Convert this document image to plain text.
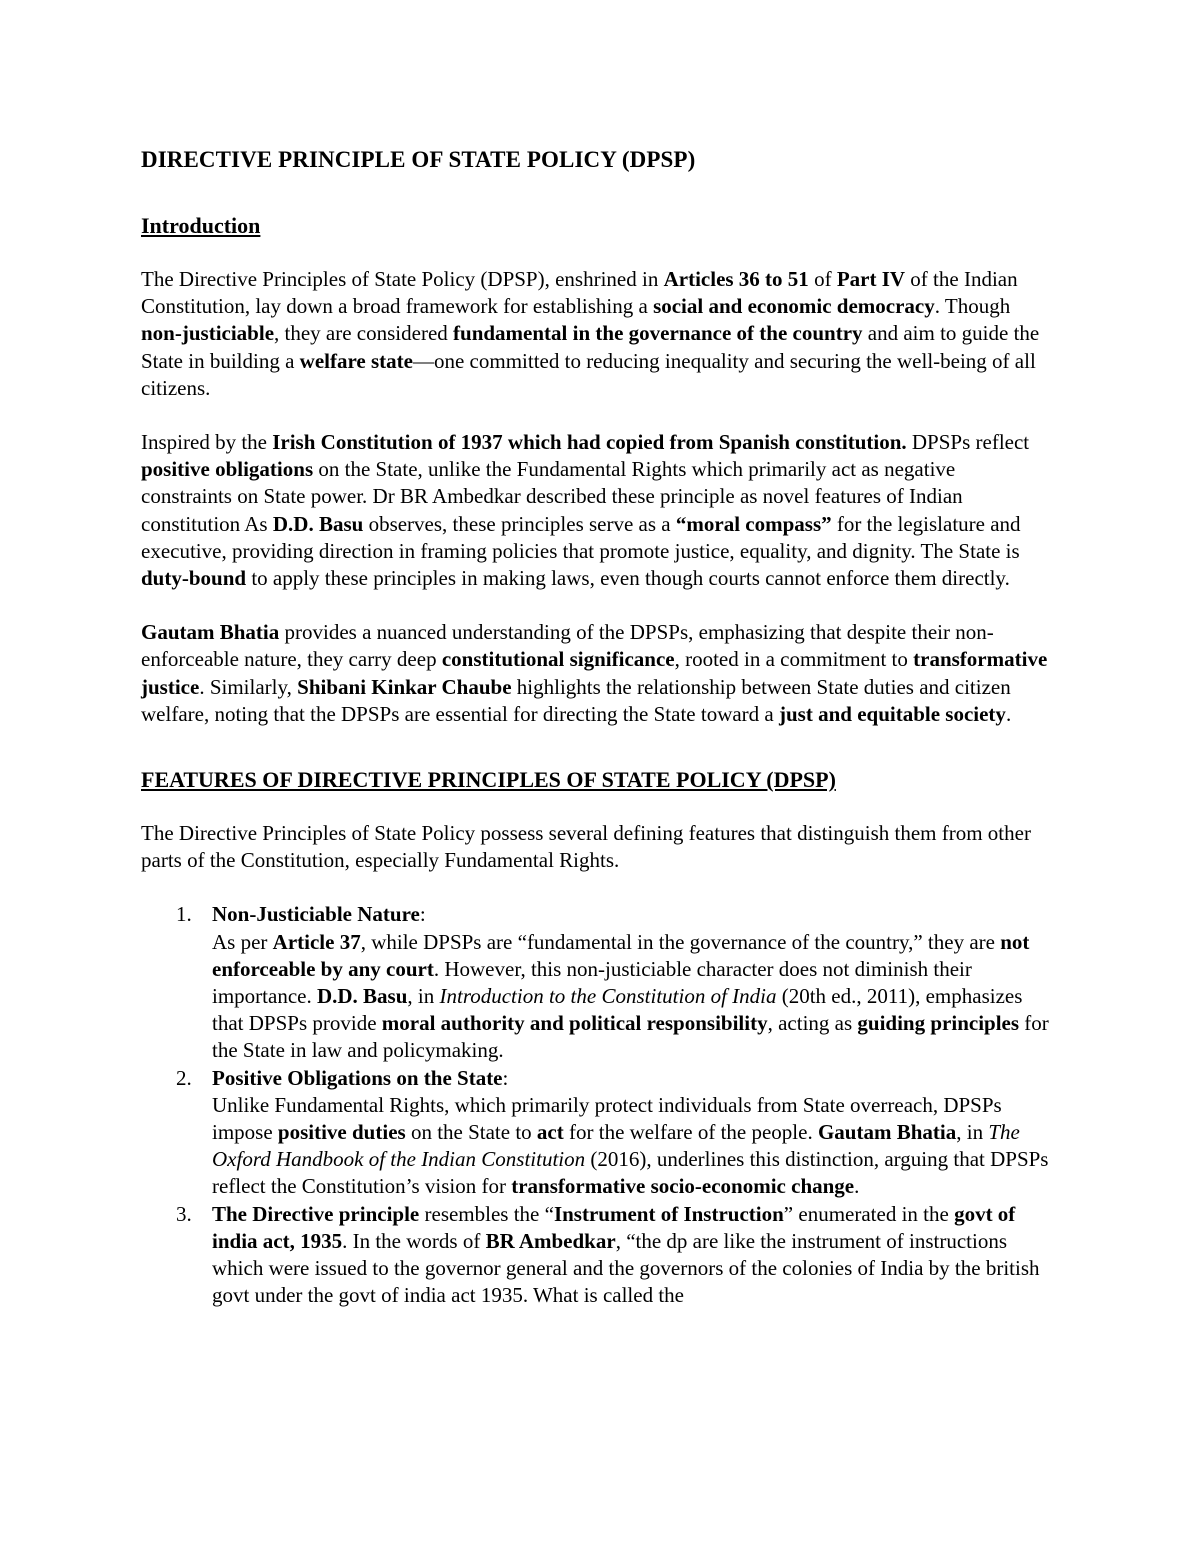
DIRECTIVE PRINCIPLE OF STATE POLICY (DPSP)
Introduction

The Directive Principles of State Policy (DPSP), enshrined in Articles 36 to 51 of Part IV of the Indian Constitution, lay down a broad framework for establishing a social and economic democracy. Though non-justiciable, they are considered fundamental in the governance of the country and aim to guide the State in building a welfare state—one committed to reducing inequality and securing the well-being of all citizens.

Inspired by the Irish Constitution of 1937 which had copied from Spanish constitution. DPSPs reflect positive obligations on the State, unlike the Fundamental Rights which primarily act as negative constraints on State power. Dr BR Ambedkar described these principle as novel features of Indian constitution As D.D. Basu observes, these principles serve as a “moral compass” for the legislature and executive, providing direction in framing policies that promote justice, equality, and dignity. The State is duty-bound to apply these principles in making laws, even though courts cannot enforce them directly.

Gautam Bhatia provides a nuanced understanding of the DPSPs, emphasizing that despite their non-enforceable nature, they carry deep constitutional significance, rooted in a commitment to transformative justice. Similarly, Shibani Kinkar Chaube highlights the relationship between State duties and citizen welfare, noting that the DPSPs are essential for directing the State toward a just and equitable society.

FEATURES OF DIRECTIVE PRINCIPLES OF STATE POLICY (DPSP)

The Directive Principles of State Policy possess several defining features that distinguish them from other parts of the Constitution, especially Fundamental Rights.

1. Non-Justiciable Nature:
As per Article 37, while DPSPs are “fundamental in the governance of the country,” they are not enforceable by any court. However, this non-justiciable character does not diminish their importance. D.D. Basu, in Introduction to the Constitution of India (20th ed., 2011), emphasizes that DPSPs provide moral authority and political responsibility, acting as guiding principles for the State in law and policymaking.
2. Positive Obligations on the State:
Unlike Fundamental Rights, which primarily protect individuals from State overreach, DPSPs impose positive duties on the State to act for the welfare of the people. Gautam Bhatia, in The Oxford Handbook of the Indian Constitution (2016), underlines this distinction, arguing that DPSPs reflect the Constitution’s vision for transformative socio-economic change.
3. The Directive principle resembles the “Instrument of Instruction” enumerated in the govt of india act, 1935. In the words of BR Ambedkar, “the dp are like the instrument of instructions which were issued to the governor general and the governors of the colonies of India by the british govt under the govt of india act 1935. What is called the
